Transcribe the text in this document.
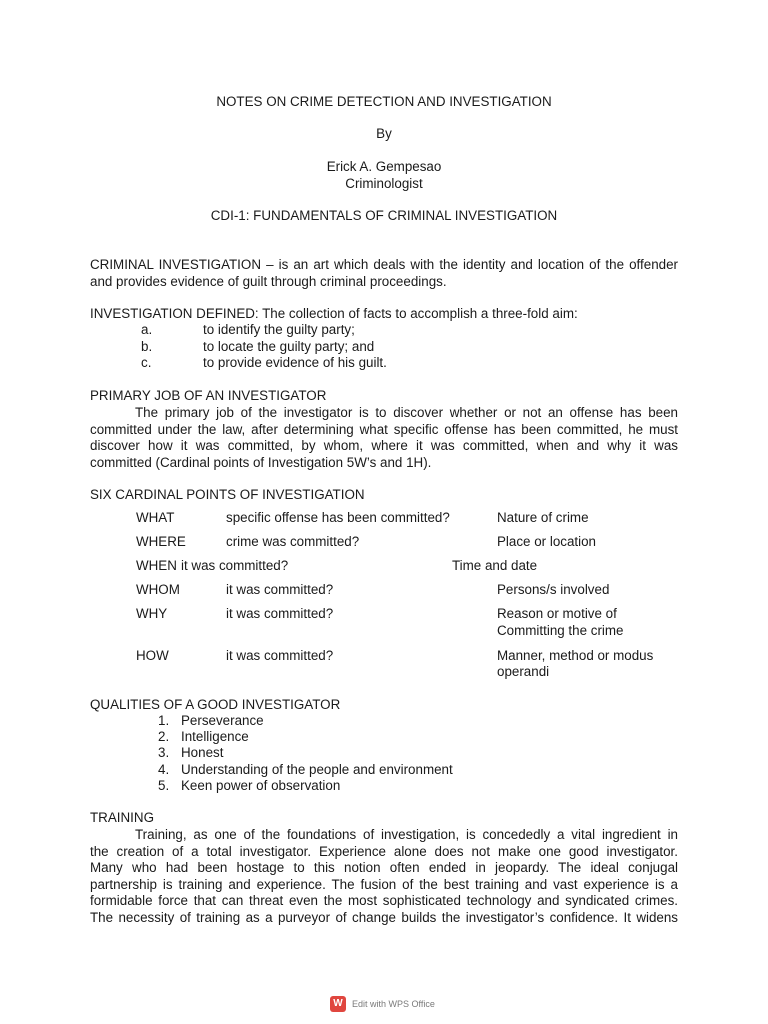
NOTES ON CRIME DETECTION AND INVESTIGATION
By
Erick A. Gempesao
Criminologist
CDI-1: FUNDAMENTALS OF CRIMINAL INVESTIGATION
CRIMINAL INVESTIGATION – is an art which deals with the identity and location of the offender
and provides evidence of guilt through criminal proceedings.
INVESTIGATION DEFINED: The collection of facts to accomplish a three-fold aim:
a.	to identify the guilty party;
b.	to locate the guilty party; and
c.	to provide evidence of his guilt.
PRIMARY JOB OF AN INVESTIGATOR
The primary job of the investigator is to discover whether or not an offense has been
committed under the law, after determining what specific offense has been committed, he must
discover how it was committed, by whom, where it was committed, when and why it was
committed (Cardinal points of Investigation 5W’s and 1H).
SIX CARDINAL POINTS OF INVESTIGATION
WHAT	specific offense has been committed?	Nature of crime
WHERE	crime was committed?	Place or location
WHEN it was committed?	Time and date
WHOM	it was committed?	Persons/s involved
WHY	it was committed?	Reason or motive of
Committing the crime
HOW	it was committed?	Manner, method or modus
operandi
QUALITIES OF A GOOD INVESTIGATOR
1. Perseverance
2. Intelligence
3. Honest
4. Understanding of the people and environment
5. Keen power of observation
TRAINING
Training, as one of the foundations of investigation, is concededly a vital ingredient in
the creation of a total investigator. Experience alone does not make one good investigator.
Many who had been hostage to this notion often ended in jeopardy. The ideal conjugal
partnership is training and experience. The fusion of the best training and vast experience is a
formidable force that can threat even the most sophisticated technology and syndicated crimes.
The necessity of training as a purveyor of change builds the investigator’s confidence. It widens
W	Edit with WPS Office
